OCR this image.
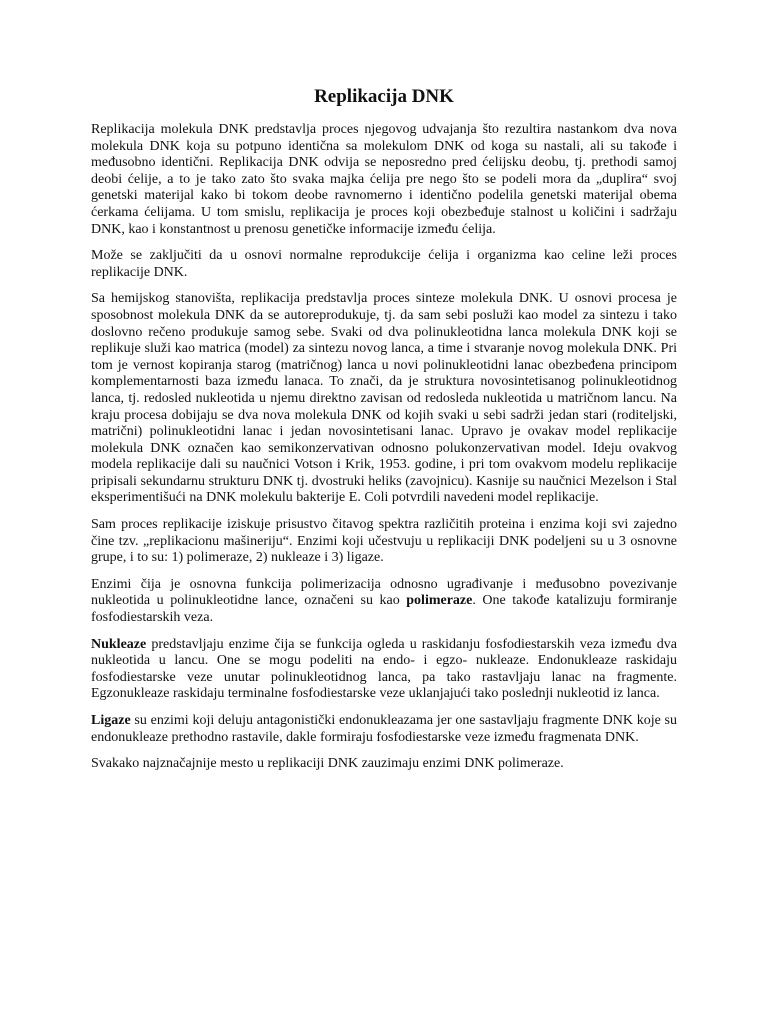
Replikacija DNK

Replikacija molekula DNK predstavlja proces njegovog udvajanja što rezultira nastankom dva nova molekula DNK koja su potpuno identična sa molekulom DNK od koga su nastali, ali su takođe i međusobno identični. Replikacija DNK odvija se neposredno pred ćelijsku deobu, tj. prethodi samoj deobi ćelije, a to je tako zato što svaka majka ćelija pre nego što se podeli mora da „duplira“ svoj genetski materijal kako bi tokom deobe ravnomerno i identično podelila genetski materijal obema ćerkama ćelijama. U tom smislu, replikacija je proces koji obezbeđuje stalnost u količini i sadržaju DNK, kao i konstantnost u prenosu genetičke informacije između ćelija.

Može se zaključiti da u osnovi normalne reprodukcije ćelija i organizma kao celine leži proces replikacije DNK.

Sa hemijskog stanovišta, replikacija predstavlja proces sinteze molekula DNK. U osnovi procesa je sposobnost molekula DNK da se autoreprodukuje, tj. da sam sebi posluži kao model za sintezu i tako doslovno rečeno produkuje samog sebe. Svaki od dva polinukleotidna lanca molekula DNK koji se replikuje služi kao matrica (model) za sintezu novog lanca, a time i stvaranje novog molekula DNK. Pri tom je vernost kopiranja starog (matričnog) lanca u novi polinukleotidni lanac obezbeđena principom komplementarnosti baza između lanaca. To znači, da je struktura novosintetisanog polinukleotidnog lanca, tj. redosled nukleotida u njemu direktno zavisan od redosleda nukleotida u matričnom lancu. Na kraju procesa dobijaju se dva nova molekula DNK od kojih svaki u sebi sadrži jedan stari (roditeljski, matrični) polinukleotidni lanac i jedan novosintetisani lanac. Upravo je ovakav model replikacije molekula DNK označen kao semikonzervativan odnosno polukonzervativan model. Ideju ovakvog modela replikacije dali su naučnici Votson i Krik, 1953. godine, i pri tom ovakvom modelu replikacije pripisali sekundarnu strukturu DNK tj. dvostruki heliks (zavojnicu). Kasnije su naučnici Mezelson i Stal eksperimentišući na DNK molekulu bakterije E. Coli potvrdili navedeni model replikacije.

Sam proces replikacije iziskuje prisustvo čitavog spektra različitih proteina i enzima koji svi zajedno čine tzv. „replikacionu mašineriju“. Enzimi koji učestvuju u replikaciji DNK podeljeni su u 3 osnovne grupe, i to su: 1) polimeraze, 2) nukleaze i 3) ligaze.

Enzimi čija je osnovna funkcija polimerizacija odnosno ugrađivanje i međusobno povezivanje nukleotida u polinukleotidne lance, označeni su kao polimeraze. One takođe katalizuju formiranje fosfodiestarskih veza.

Nukleaze predstavljaju enzime čija se funkcija ogleda u raskidanju fosfodiestarskih veza između dva nukleotida u lancu. One se mogu podeliti na endo- i egzo- nukleaze. Endonukleaze raskidaju fosfodiestarske veze unutar polinukleotidnog lanca, pa tako rastavljaju lanac na fragmente. Egzonukleaze raskidaju terminalne fosfodiestarske veze uklanjajući tako poslednji nukleotid iz lanca.

Ligaze su enzimi koji deluju antagonistički endonukleazama jer one sastavljaju fragmente DNK koje su endonukleaze prethodno rastavile, dakle formiraju fosfodiestarske veze između fragmenata DNK.

Svakako najznačajnije mesto u replikaciji DNK zauzimaju enzimi DNK polimeraze.
